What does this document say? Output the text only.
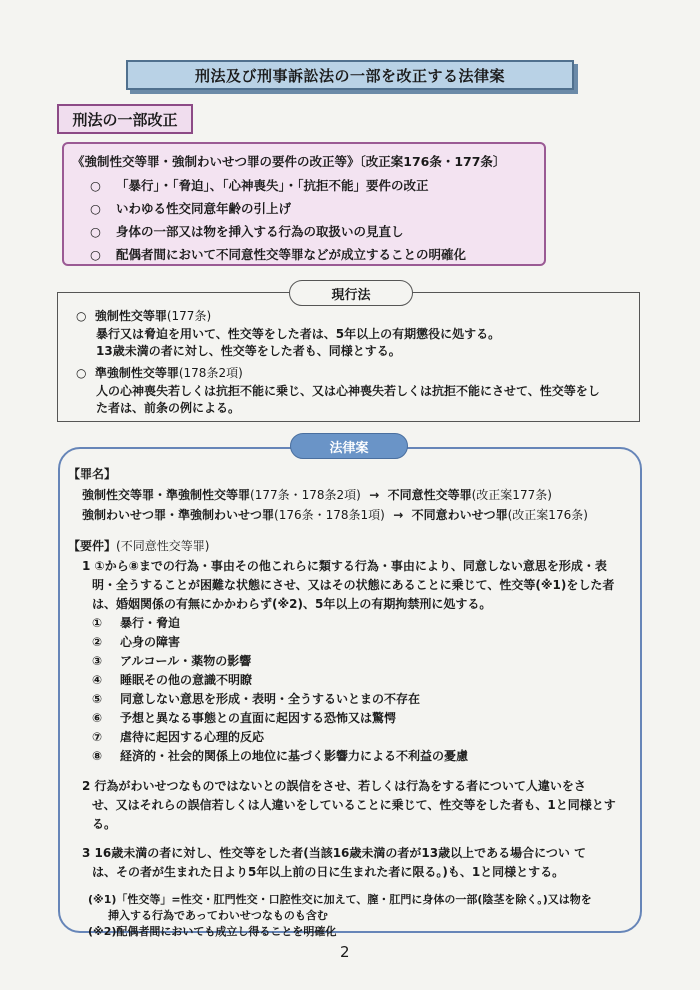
刑法及び刑事訴訟法の一部を改正する法律案
刑法の一部改正
《強制性交等罪・強制わいせつ罪の要件の改正等》〔改正案176条・177条〕
○ 「暴行」・「脅迫」、「心神喪失」・「抗拒不能」要件の改正
○ いわゆる性交同意年齢の引上げ
○ 身体の一部又は物を挿入する行為の取扱いの見直し
○ 配偶者間において不同意性交等罪などが成立することの明確化
○ 強制性交等罪(177条)
暴行又は脅迫を用いて、性交等をした者は、5年以上の有期懲役に処する。
13歳未満の者に対し、性交等をした者も、同様とする。
○ 準強制性交等罪(178条2項)
人の心神喪失若しくは抗拒不能に乗じ、又は心神喪失若しくは抗拒不能にさせて、性交等をし
た者は、前条の例による。
現行法
【罪名】
強制性交等罪・準強制性交等罪(177条・178条2項) → 不同意性交等罪(改正案177条)
強制わいせつ罪・準強制わいせつ罪(176条・178条1項) → 不同意わいせつ罪(改正案176条)
【要件】(不同意性交等罪)
1 ①から⑧までの行為・事由その他これらに類する行為・事由により、同意しない意思を形成・表
明・全うすることが困難な状態にさせ、又はその状態にあることに乗じて、性交等(※1)をした者
は、婚姻関係の有無にかかわらず(※2)、5年以上の有期拘禁刑に処する。
① 暴行・脅迫
② 心身の障害
③ アルコール・薬物の影響
④ 睡眠その他の意識不明瞭
⑤ 同意しない意思を形成・表明・全うするいとまの不存在
⑥ 予想と異なる事態との直面に起因する恐怖又は驚愕
⑦ 虐待に起因する心理的反応
⑧ 経済的・社会的関係上の地位に基づく影響力による不利益の憂慮
2 行為がわいせつなものではないとの誤信をさせ、若しくは行為をする者について人違いをさ
せ、又はそれらの誤信若しくは人違いをしていることに乗じて、性交等をした者も、1と同様とす
る。
3 16歳未満の者に対し、性交等をした者(当該16歳未満の者が13歳以上である場合につい て
は、その者が生まれた日より5年以上前の日に生まれた者に限る。)も、1と同様とする。
(※1)「性交等」=性交・肛門性交・口腔性交に加えて、膣・肛門に身体の一部(陰茎を除く。)又は物を
挿入する行為であってわいせつなものも含む
(※2)配偶者間においても成立し得ることを明確化
法律案
2
